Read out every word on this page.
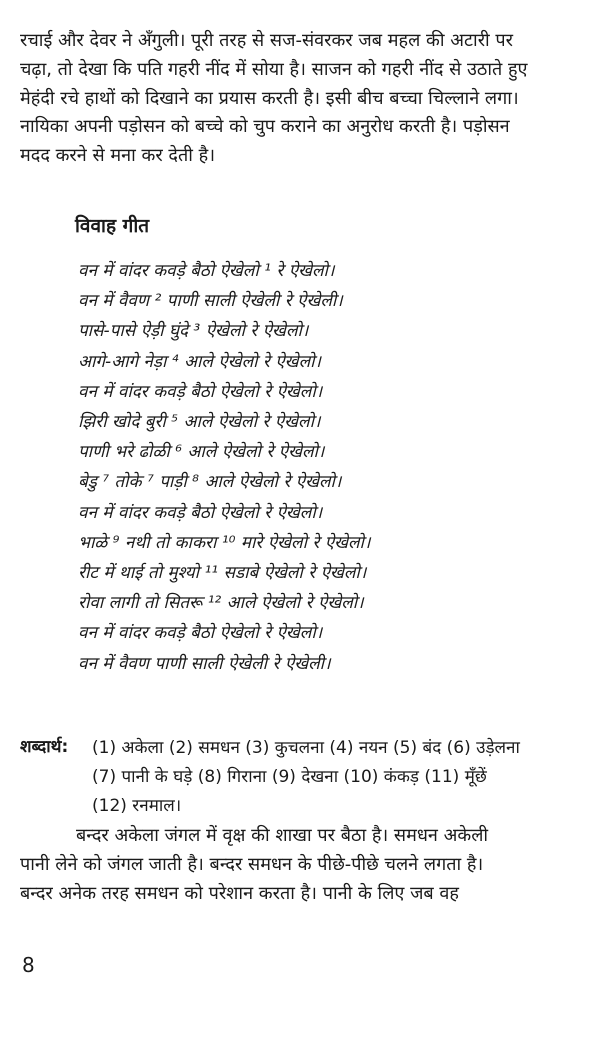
रचाई और देवर ने अँगुली। पूरी तरह से सज-संवरकर जब महल की अटारी पर
चढ़ा, तो देखा कि पति गहरी नींद में सोया है। साजन को गहरी नींद से उठाते हुए
मेहंदी रचे हाथों को दिखाने का प्रयास करती है। इसी बीच बच्चा चिल्लाने लगा।
नायिका अपनी पड़ोसन को बच्चे को चुप कराने का अनुरोध करती है। पड़ोसन
मदद करने से मना कर देती है।
विवाह गीत
वन में वांदर कवड़े बैठो ऐखेलो ¹ रे ऐखेलो।
वन में वैवण ² पाणी साली ऐखेली रे ऐखेली।
पासे-पासे ऐड़ी घुंदे ³ ऐखेलो रे ऐखेलो।
आगे-आगे नेड़ा ⁴ आले ऐखेलो रे ऐखेलो।
वन में वांदर कवड़े बैठो ऐखेलो रे ऐखेलो।
झिरी खोदे बुरी ⁵ आले ऐखेलो रे ऐखेलो।
पाणी भरे ढोळी ⁶ आले ऐखेलो रे ऐखेलो।
बेडु ⁷ तोके ⁷ पाड़ी ⁸ आले ऐखेलो रे ऐखेलो।
वन में वांदर कवड़े बैठो ऐखेलो रे ऐखेलो।
भाळे ⁹ नथी तो काकरा ¹⁰ मारे ऐखेलो रे ऐखेलो।
रीट में थाई तो मुश्यो ¹¹ सडाबे ऐखेलो रे ऐखेलो।
रोवा लागी तो सितरू ¹² आले ऐखेलो रे ऐखेलो।
वन में वांदर कवड़े बैठो ऐखेलो रे ऐखेलो।
वन में वैवण पाणी साली ऐखेली रे ऐखेली।
शब्दार्थ: (1) अकेला (2) समधन (3) कुचलना (4) नयन (5) बंद (6) उड़ेलना
(7) पानी के घड़े (8) गिराना (9) देखना (10) कंकड़ (11) मूँछें
(12) रनमाल।
बन्दर अकेला जंगल में वृक्ष की शाखा पर बैठा है। समधन अकेली
पानी लेने को जंगल जाती है। बन्दर समधन के पीछे-पीछे चलने लगता है।
बन्दर अनेक तरह समधन को परेशान करता है। पानी के लिए जब वह
8
